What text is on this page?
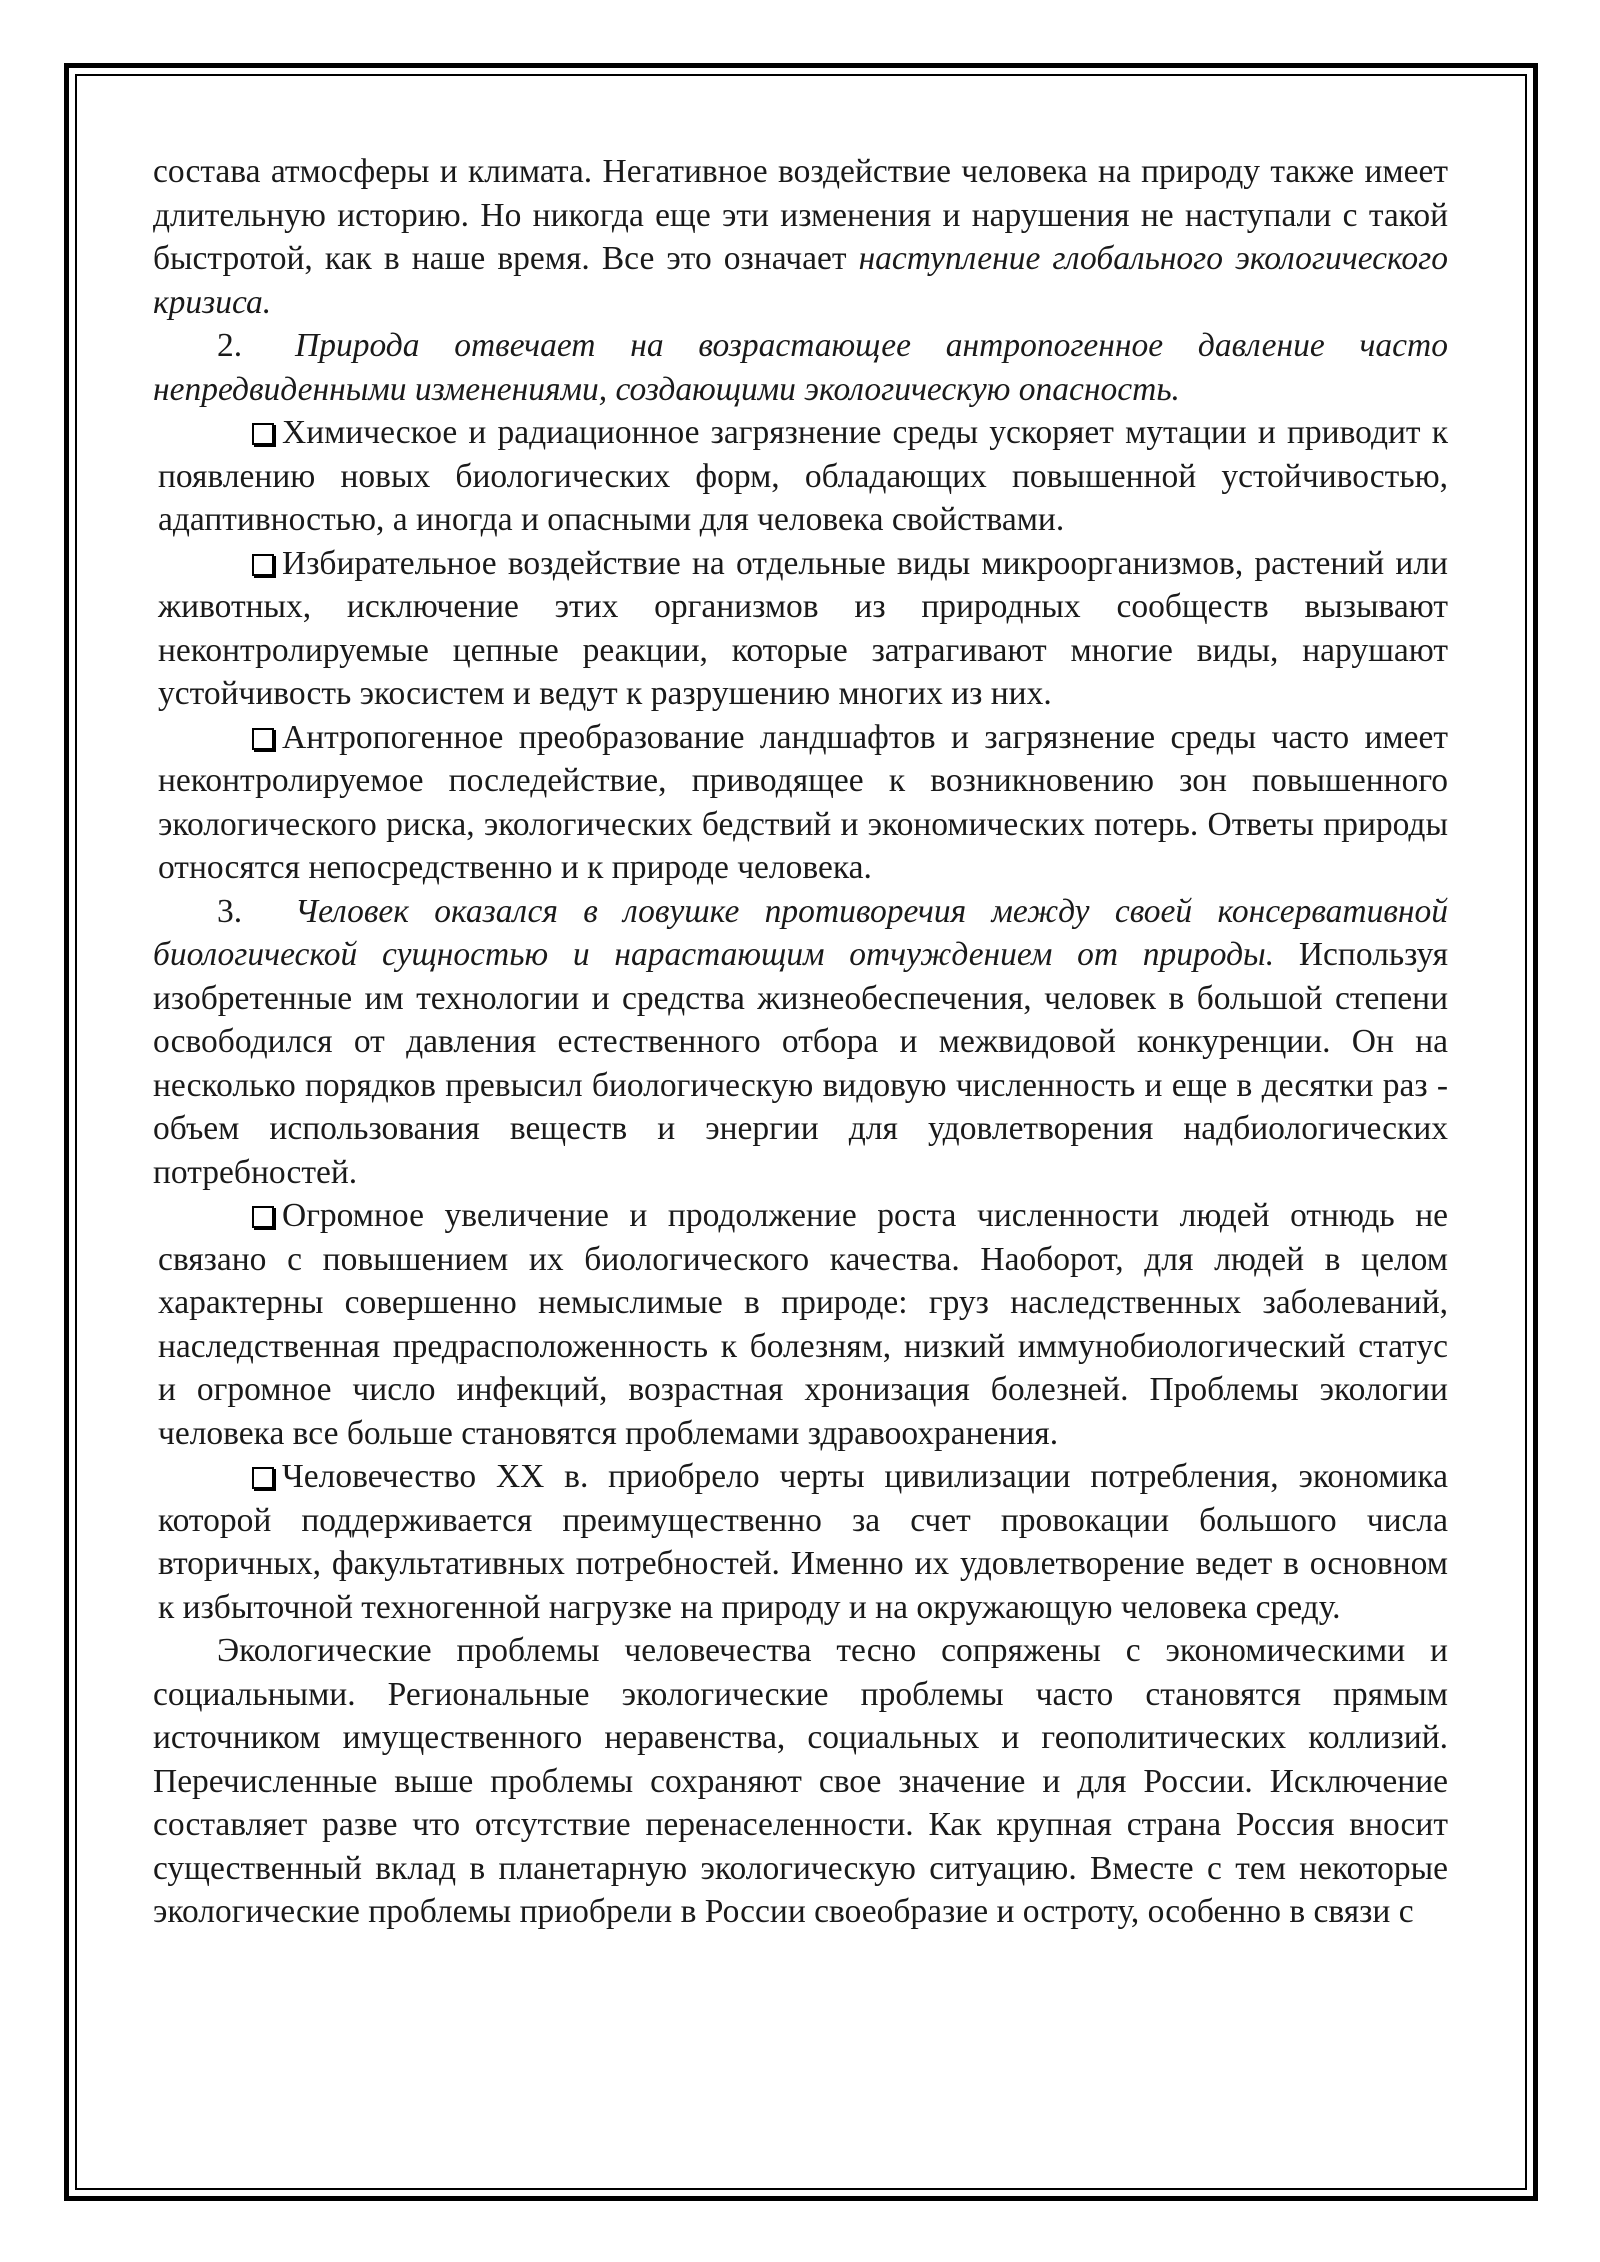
состава атмосферы и климата. Негативное воздействие человека на природу также имеет длительную историю. Но никогда еще эти изменения и нарушения не наступали с такой быстротой, как в наше время. Все это означает наступление глобального экологического кризиса.

2. Природа отвечает на возрастающее антропогенное давление часто непредвиденными изменениями, создающими экологическую опасность.

Химическое и радиационное загрязнение среды ускоряет мутации и приводит к появлению новых биологических форм, обладающих повышенной устойчивостью, адаптивностью, а иногда и опасными для человека свойствами.

Избирательное воздействие на отдельные виды микроорганизмов, растений или животных, исключение этих организмов из природных сообществ вызывают неконтролируемые цепные реакции, которые затрагивают многие виды, нарушают устойчивость экосистем и ведут к разрушению многих из них.

Антропогенное преобразование ландшафтов и загрязнение среды часто имеет неконтролируемое последействие, приводящее к возникновению зон повышенного экологического риска, экологических бедствий и экономических потерь. Ответы природы относятся непосредственно и к природе человека.

3. Человек оказался в ловушке противоречия между своей консервативной биологической сущностью и нарастающим отчуждением от природы. Используя изобретенные им технологии и средства жизнеобеспечения, человек в большой степени освободился от давления естественного отбора и межвидовой конкуренции. Он на несколько порядков превысил биологическую видовую численность и еще в десятки раз - объем использования веществ и энергии для удовлетворения надбиологических потребностей.

Огромное увеличение и продолжение роста численности людей отнюдь не связано с повышением их биологического качества. Наоборот, для людей в целом характерны совершенно немыслимые в природе: груз наследственных заболеваний, наследственная предрасположенность к болезням, низкий иммунобиологический статус и огромное число инфекций, возрастная хронизация болезней. Проблемы экологии человека все больше становятся проблемами здравоохранения.

Человечество XX в. приобрело черты цивилизации потребления, экономика которой поддерживается преимущественно за счет провокации большого числа вторичных, факультативных потребностей. Именно их удовлетворение ведет в основном к избыточной техногенной нагрузке на природу и на окружающую человека среду.

Экологические проблемы человечества тесно сопряжены с экономическими и социальными. Региональные экологические проблемы часто становятся прямым источником имущественного неравенства, социальных и геополитических коллизий. Перечисленные выше проблемы сохраняют свое значение и для России. Исключение составляет разве что отсутствие перенаселенности. Как крупная страна Россия вносит существенный вклад в планетарную экологическую ситуацию. Вместе с тем некоторые экологические проблемы приобрели в России своеобразие и остроту, особенно в связи с
